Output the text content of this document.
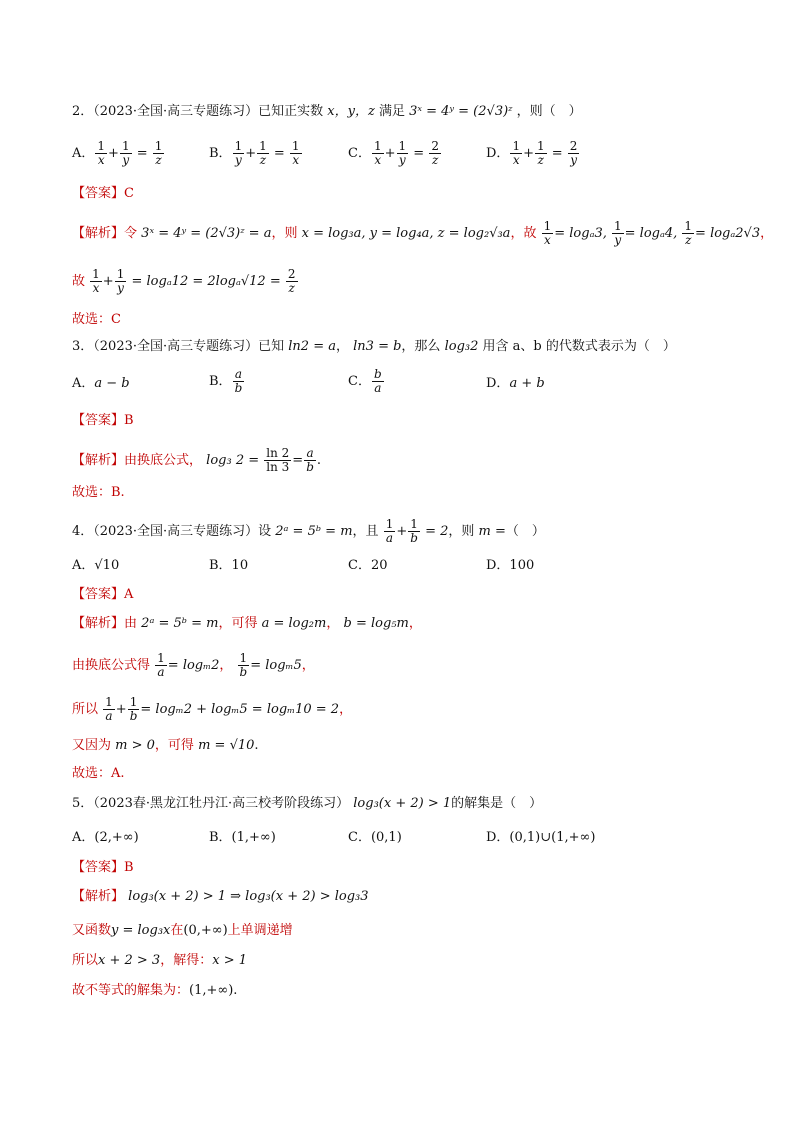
2．（2023·全国·高三专题练习）已知正实数 x，y，z 满足 3ˣ = 4ʸ = (2√3)ᶻ ，则（　）
A． $\frac{1}{x} + \frac{1}{y} = \frac{1}{z}$	B． $\frac{1}{y} + \frac{1}{z} = \frac{1}{x}$	C． $\frac{1}{x} + \frac{1}{y} = \frac{2}{z}$	D． $\frac{1}{x} + \frac{1}{z} = \frac{2}{y}$
【答案】C
【解析】令 3ˣ = 4ʸ = (2√3)ᶻ = a，则 x = log₃a, y = log₄a, z = log₂√₃a，故 $\frac{1}{x} = \log_a3$, $\frac{1}{y} = \log_a4$, $\frac{1}{z} = \log_a2√3$，
故 $\frac{1}{x} + \frac{1}{y} = \log_a12 = 2\log_a√12 = \frac{2}{z}$
故选：C
3．（2023·全国·高三专题练习）已知 ln2 = a， ln3 = b，那么 log₃2 用含 a、b 的代数式表示为（　）
A．a − b	B． $\frac{a}{b}$	C． $\frac{b}{a}$	D．a + b
【答案】B
【解析】由换底公式， log₃ $2 = \frac{\ln 2}{\ln 3} = \frac{a}{b}$ .
故选：B.
4．（2023·全国·高三专题练习）设 2ᵃ = 5ᵇ = m，且 $\frac{1}{a} + \frac{1}{b} = 2$，则 m =（　）
A．√10	B．10	C．20	D．100
【答案】A
【解析】由 2ᵃ = 5ᵇ = m，可得 a = log₂m， b = log₅m，
由换底公式得 $\frac{1}{a} = \log_m2$， $\frac{1}{b} = \log_m5$，
所以 $\frac{1}{a} + \frac{1}{b} = \log_m2 + \log_m5 = \log_m10 = 2$，
又因为 m > 0，可得 m = √10.
故选：A.
5．（2023春·黑龙江牡丹江·高三校考阶段练习） log₃(x + 2) > 1的解集是（　）
A．(2,+∞)	B．(1,+∞)	C．(0,1)	D．(0,1)∪(1,+∞)
【答案】B
【解析】 log₃(x + 2) > 1 ⇒ log₃(x + 2) > log₃3
又函数y = log₃x在(0,+∞)上单调递增
所以x + 2 > 3，解得：x > 1
故不等式的解集为：(1,+∞).
